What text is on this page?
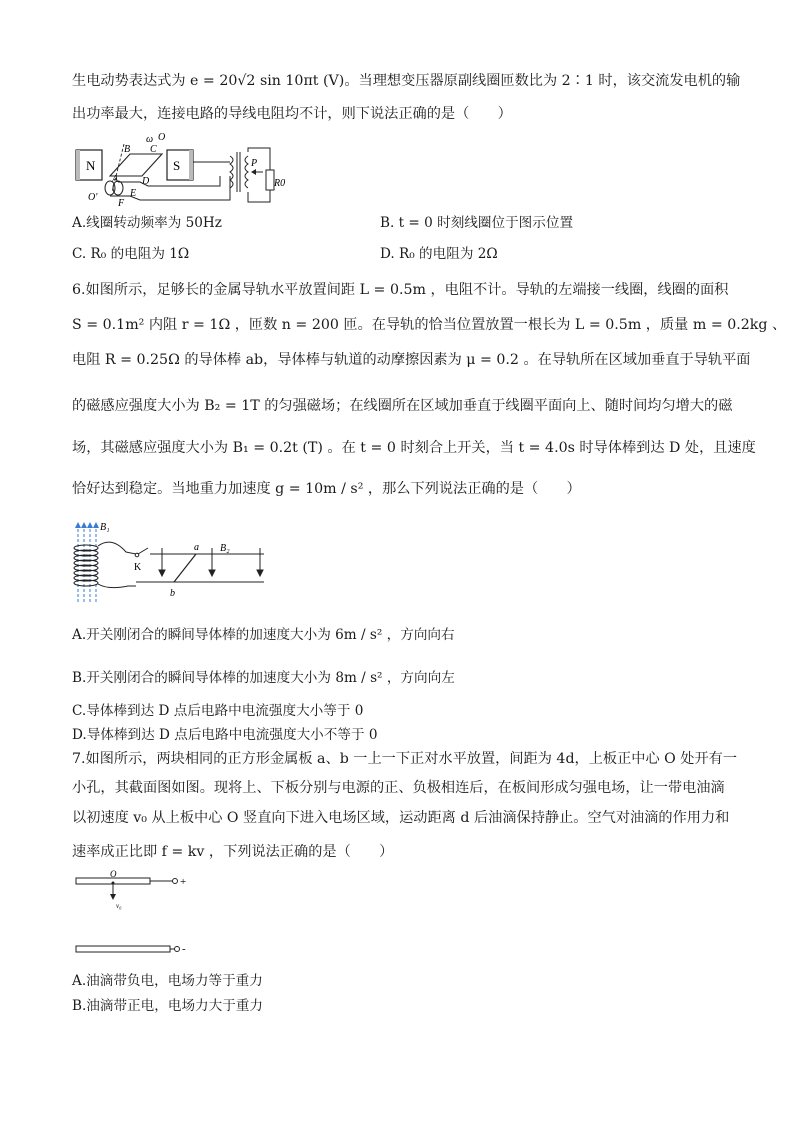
生电动势表达式为 e = 20√2 sin 10πt (V)。当理想变压器原副线圈匝数比为 2∶1 时，该交流发电机的输
出功率最大，连接电路的导线电阻均不计，则下说法正确的是（　　）
N	S
B C
ω O
A D
E
F
O'
P
R0
A.线圈转动频率为 50Hz	B. t = 0 时刻线圈位于图示位置
C. R₀ 的电阻为 1Ω	D. R₀ 的电阻为 2Ω
6.如图所示，足够长的金属导轨水平放置间距 L = 0.5m ，电阻不计。导轨的左端接一线圈，线圈的面积
S = 0.1m² 内阻 r = 1Ω ，匝数 n = 200 匝。在导轨的恰当位置放置一根长为 L = 0.5m ，质量 m = 0.2kg 、
电阻 R = 0.25Ω 的导体棒 ab，导体棒与轨道的动摩擦因素为 μ = 0.2 。在导轨所在区域加垂直于导轨平面
的磁感应强度大小为 B₂ = 1T 的匀强磁场；在线圈所在区域加垂直于线圈平面向上、随时间均匀增大的磁
场，其磁感应强度大小为 B₁ = 0.2t (T) 。在 t = 0 时刻合上开关，当 t = 4.0s 时导体棒到达 D 处，且速度
恰好达到稳定。当地重力加速度 g = 10m / s² ，那么下列说法正确的是（　　）
B₁
K
a
b
B₂
A.开关刚闭合的瞬间导体棒的加速度大小为 6m / s² ，方向向右
B.开关刚闭合的瞬间导体棒的加速度大小为 8m / s² ，方向向左
C.导体棒到达 D 点后电路中电流强度大小等于 0
D.导体棒到达 D 点后电路中电流强度大小不等于 0
7.如图所示，两块相同的正方形金属板 a、b 一上一下正对水平放置，间距为 4d，上板正中心 O 处开有一
小孔，其截面图如图。现将上、下板分别与电源的正、负极相连后，在板间形成匀强电场，让一带电油滴
以初速度 v₀ 从上板中心 O 竖直向下进入电场区域，运动距离 d 后油滴保持静止。空气对油滴的作用力和
速率成正比即 f = kv ，下列说法正确的是（　　）
+
O
v₀
-
A.油滴带负电，电场力等于重力
B.油滴带正电，电场力大于重力
